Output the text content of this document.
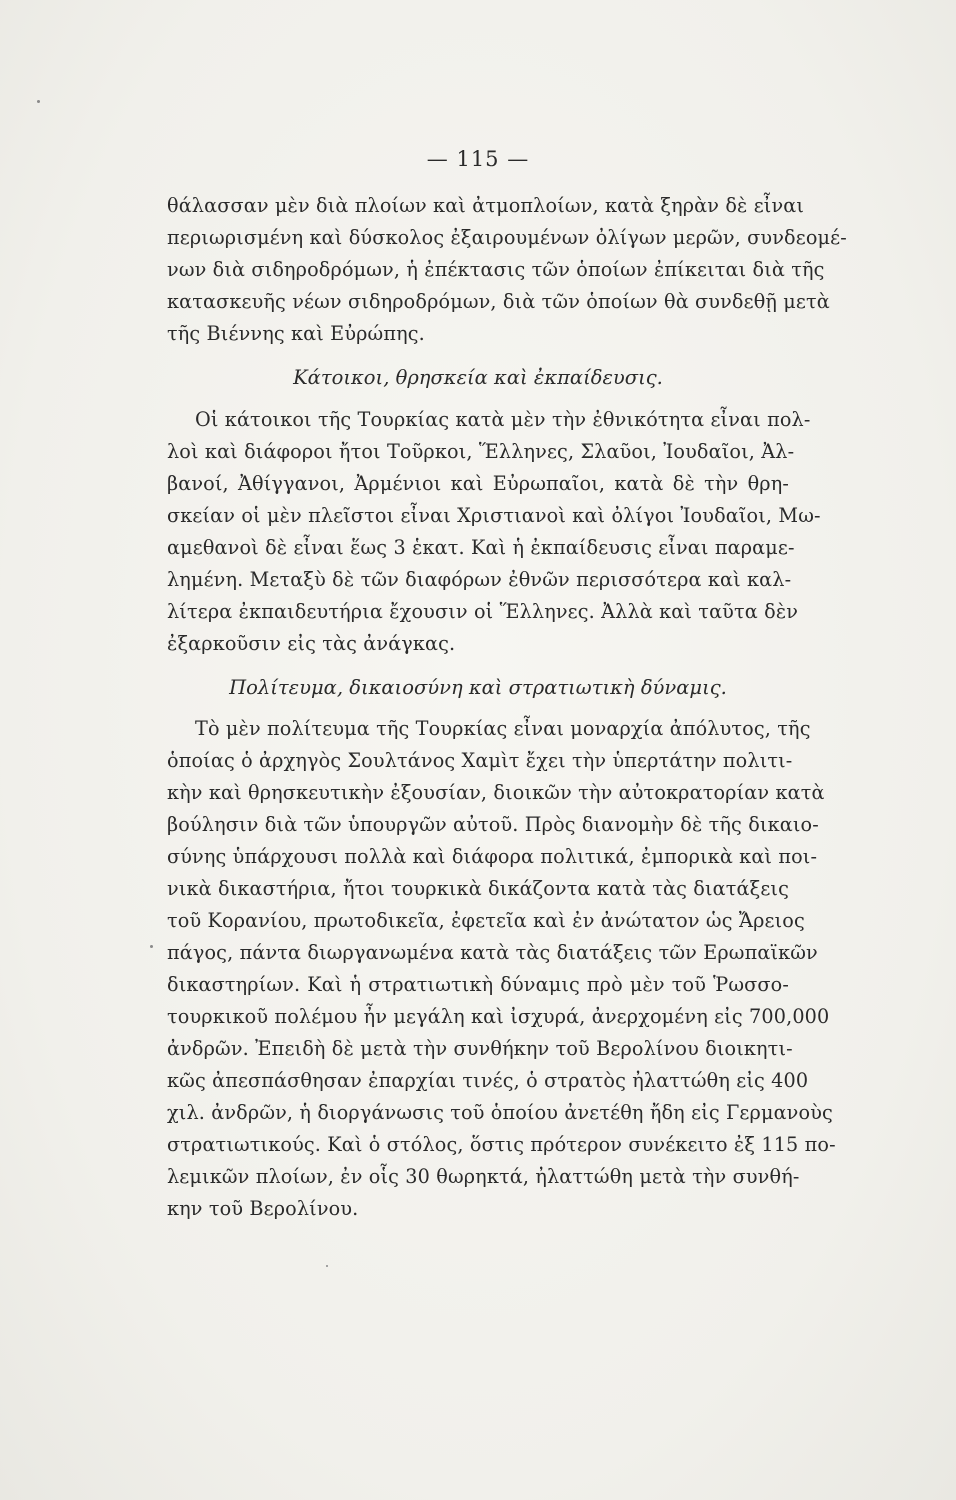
— 115 —
θάλασσαν μὲν διὰ πλοίων καὶ ἀτμοπλοίων, κατὰ ξηρὰν δὲ εἶναι
περιωρισμένη καὶ δύσκολος ἐξαιρουμένων ὀλίγων μερῶν, συνδεομέ-
νων διὰ σιδηροδρόμων, ἡ ἐπέκτασις τῶν ὁποίων ἐπίκειται διὰ τῆς
κατασκευῆς νέων σιδηροδρόμων, διὰ τῶν ὁποίων θὰ συνδεθῇ μετὰ
τῆς Βιέννης καὶ Εὐρώπης.
Κάτοικοι, θρησκεία καὶ ἐκπαίδευσις.
Οἱ κάτοικοι τῆς Τουρκίας κατὰ μὲν τὴν ἐθνικότητα εἶναι πολ-
λοὶ καὶ διάφοροι ἤτοι Τοῦρκοι, Ἕλληνες, Σλαῦοι, Ἰουδαῖοι, Ἀλ-
βανοί, Ἀθίγγανοι, Ἀρμένιοι καὶ Εὐρωπαῖοι, κατὰ δὲ τὴν θρη-
σκείαν οἱ μὲν πλεῖστοι εἶναι Χριστιανοὶ καὶ ὀλίγοι Ἰουδαῖοι, Μω-
αμεθανοὶ δὲ εἶναι ἕως 3 ἑκατ. Καὶ ἡ ἐκπαίδευσις εἶναι παραμε-
λημένη. Μεταξὺ δὲ τῶν διαφόρων ἐθνῶν περισσότερα καὶ καλ-
λίτερα ἐκπαιδευτήρια ἔχουσιν οἱ Ἕλληνες. Ἀλλὰ καὶ ταῦτα δὲν
ἐξαρκοῦσιν εἰς τὰς ἀνάγκας.
Πολίτευμα, δικαιοσύνη καὶ στρατιωτικὴ δύναμις.
Τὸ μὲν πολίτευμα τῆς Τουρκίας εἶναι μοναρχία ἀπόλυτος, τῆς
ὁποίας ὁ ἀρχηγὸς Σουλτάνος Χαμὶτ ἔχει τὴν ὑπερτάτην πολιτι-
κὴν καὶ θρησκευτικὴν ἐξουσίαν, διοικῶν τὴν αὐτοκρατορίαν κατὰ
βούλησιν διὰ τῶν ὑπουργῶν αὐτοῦ. Πρὸς διανομὴν δὲ τῆς δικαιο-
σύνης ὑπάρχουσι πολλὰ καὶ διάφορα πολιτικά, ἐμπορικὰ καὶ ποι-
νικὰ δικαστήρια, ἤτοι τουρκικὰ δικάζοντα κατὰ τὰς διατάξεις
τοῦ Κορανίου, πρωτοδικεῖα, ἐφετεῖα καὶ ἐν ἀνώτατον ὡς Ἄρειος
πάγος, πάντα διωργανωμένα κατὰ τὰς διατάξεις τῶν Ερωπαϊκῶν
δικαστηρίων. Καὶ ἡ στρατιωτικὴ δύναμις πρὸ μὲν τοῦ Ῥωσσο-
τουρκικοῦ πολέμου ἦν μεγάλη καὶ ἰσχυρά, ἀνερχομένη εἰς 700,000
ἀνδρῶν. Ἐπειδὴ δὲ μετὰ τὴν συνθήκην τοῦ Βερολίνου διοικητι-
κῶς ἀπεσπάσθησαν ἐπαρχίαι τινές, ὁ στρατὸς ἠλαττώθη εἰς 400
χιλ. ἀνδρῶν, ἡ διοργάνωσις τοῦ ὁποίου ἀνετέθη ἤδη εἰς Γερμανοὺς
στρατιωτικούς. Καὶ ὁ στόλος, ὅστις πρότερον συνέκειτο ἐξ 115 πο-
λεμικῶν πλοίων, ἐν οἷς 30 θωρηκτά, ἠλαττώθη μετὰ τὴν συνθή-
κην τοῦ Βερολίνου.
